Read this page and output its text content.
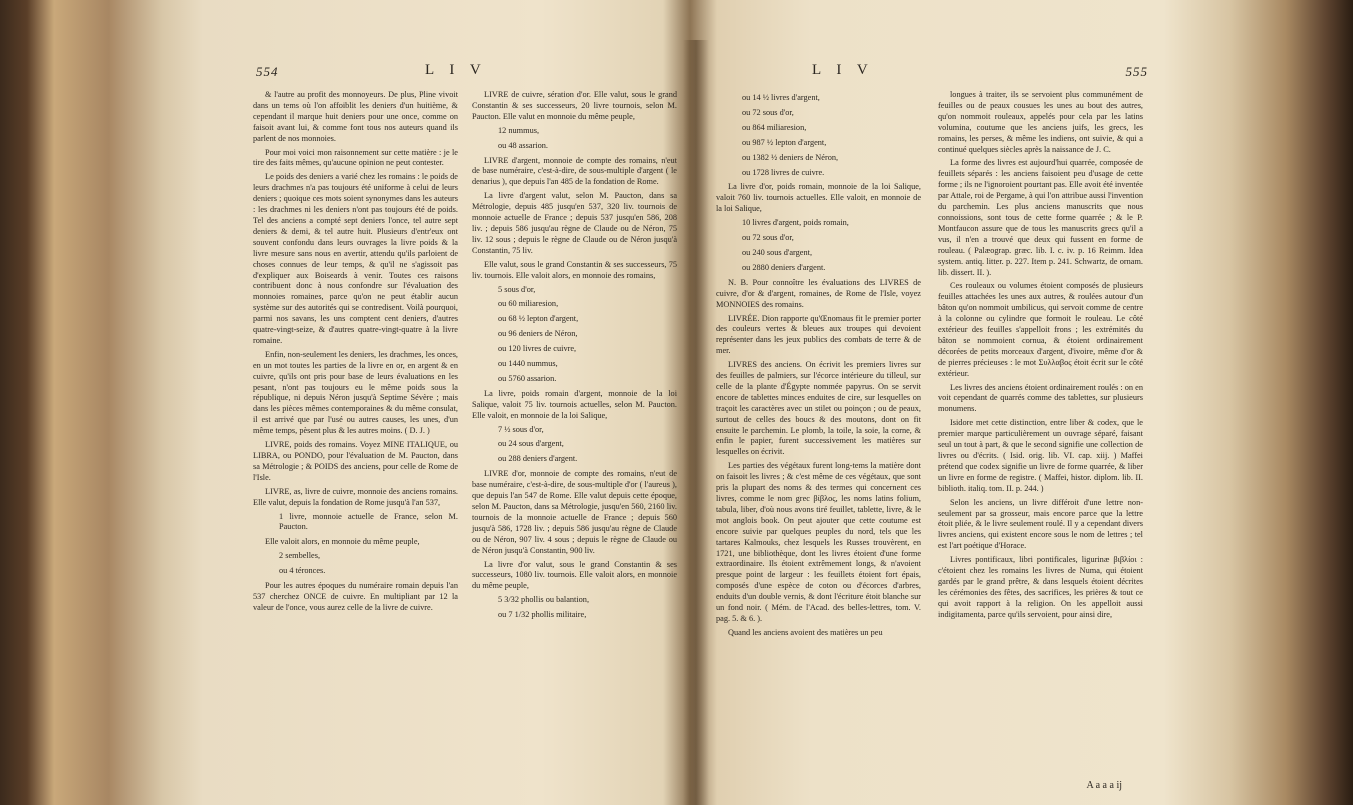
554	L I V

& l'autre au profit des monnoyeurs. De plus, Pline vivoit dans un tems où l'on affoiblit les deniers d'un huitième, & cependant il marque huit deniers pour une once, comme on faisoit avant lui, & comme font tous nos auteurs quand ils parlent de nos monnoies.

Pour moi voici mon raisonnement sur cette matière : je le tire des faits mêmes, qu'aucune opinion ne peut contester.

Le poids des deniers a varié chez les romains : le poids de leurs drachmes n'a pas toujours été uniforme à celui de leurs deniers ; quoique ces mots soient synonymes dans les auteurs : les drachmes ni les deniers n'ont pas toujours été de poids. Tel des anciens a compté sept deniers l'once, tel autre sept deniers & demi, & tel autre huit. Plusieurs d'entr'eux ont souvent confondu dans leurs ouvrages la livre poids & la livre mesure sans nous en avertir, attendu qu'ils parloient de choses connues de leur temps, & qu'il ne s'agissoit pas d'expliquer aux Boiseards à venir. Toutes ces raisons contribuent donc à nous confondre sur l'évaluation des monnoies romaines, parce qu'on ne peut établir aucun système sur des autorités qui se contredisent. Voilà pourquoi, parmi nos savans, les uns comptent cent deniers, d'autres quatre-vingt-seize, & d'autres quatre-vingt-quatre à la livre romaine.

Enfin, non-seulement les deniers, les drachmes, les onces, en un mot toutes les parties de la livre en or, en argent & en cuivre, qu'ils ont pris pour base de leurs évaluations en les pesant, n'ont pas toujours eu le même poids sous la république, ni depuis Néron jusqu'à Septime Sévère ; mais dans les pièces mêmes contemporaines & du même consulat, il est arrivé que par l'usé ou autres causes, les unes, d'un même temps, pèsent plus & les autres moins. ( D. J. )

LIVRE, poids des romains. Voyez MINE ITALIQUE, ou LIBRA, ou PONDO, pour l'évaluation de M. Paucton, dans sa Métrologie ; & POIDS des anciens, pour celle de Rome de l'Isle.

LIVRE, as, livre de cuivre, monnoie des anciens romains. Elle valut, depuis la fondation de Rome jusqu'à l'an 537,

1 livre, monnoie actuelle de France, selon M. Paucton.

Elle valoit alors, en monnoie du même peuple,

2 sembelles,

ou 4 téronces.

Pour les autres époques du numéraire romain depuis l'an 537 cherchez ONCE de cuivre. En multipliant par 12 la valeur de l'once, vous aurez celle de la livre de cuivre.

LIVRE de cuivre, sération d'or. Elle valut, sous le grand Constantin & ses successeurs, 20 livre tournois, selon M. Paucton. Elle valut en monnoie du même peuple,

12 nummus,

ou 48 assarion.

LIVRE d'argent, monnoie de compte des romains, n'eut de base numéraire, c'est-à-dire, de sous-multiple d'argent ( le denarius ), que depuis l'an 485 de la fondation de Rome.

La livre d'argent valut, selon M. Paucton, dans sa Métrologie, depuis 485 jusqu'en 537, 320 liv. tournois de monnoie actuelle de France ; depuis 537 jusqu'en 586, 208 liv. ; depuis 586 jusqu'au règne de Claude ou de Néron, 75 liv. 12 sous ; depuis le règne de Claude ou de Néron jusqu'à Constantin, 75 liv.

Elle valut, sous le grand Constantin & ses successeurs, 75 liv. tournois. Elle valoit alors, en monnoie des romains,

5 sous d'or,

ou 60 miliaresion,

ou 68 ½ lepton d'argent,

ou 96 deniers de Néron,

ou 120 livres de cuivre,

ou 1440 nummus,

ou 5760 assarion.

La livre, poids romain d'argent, monnoie de la loi Salique, valoit 75 liv. tournois actuelles, selon M. Paucton. Elle valoit, en monnoie de la loi Salique,

7 ½ sous d'or,

ou 24 sous d'argent,

ou 288 deniers d'argent.

LIVRE d'or, monnoie de compte des romains, n'eut de base numéraire, c'est-à-dire, de sous-multiple d'or ( l'aureus ), que depuis l'an 547 de Rome. Elle valut depuis cette époque, selon M. Paucton, dans sa Métrologie, jusqu'en 560, 2160 liv. tournois de la monnoie actuelle de France ; depuis 560 jusqu'à 586, 1728 liv. ; depuis 586 jusqu'au règne de Claude ou de Néron, 907 liv. 4 sous ; depuis le règne de Claude ou de Néron jusqu'à Constantin, 900 liv.

La livre d'or valut, sous le grand Constantin & ses successeurs, 1080 liv. tournois. Elle valoit alors, en monnoie du même peuple,

5 3/32 phollis ou balantion,

ou 7 1/32 phollis militaire,

L I V	555

ou 14 ½ livres d'argent,

ou 72 sous d'or,

ou 864 miliaresion,

ou 987 ½ lepton d'argent,

ou 1382 ½ deniers de Néron,

ou 1728 livres de cuivre.

La livre d'or, poids romain, monnoie de la loi Salique, valoit 760 liv. tournois actuelles. Elle valoit, en monnoie de la loi Salique,

10 livres d'argent, poids romain,

ou 72 sous d'or,

ou 240 sous d'argent,

ou 2880 deniers d'argent.

N. B. Pour connoître les évaluations des LIVRES de cuivre, d'or & d'argent, romaines, de Rome de l'Isle, voyez MONNOIES des romains.

LIVRÉE. Dion rapporte qu'Œnomaus fit le premier porter des couleurs vertes & bleues aux troupes qui devoient représenter dans les jeux publics des combats de terre & de mer.

LIVRES des anciens. On écrivit les premiers livres sur des feuilles de palmiers, sur l'écorce intérieure du tilleul, sur celle de la plante d'Égypte nommée papyrus. On se servit encore de tablettes minces enduites de cire, sur lesquelles on traçoit les caractères avec un stilet ou poinçon ; ou de peaux, surtout de celles des boucs & des moutons, dont on fit ensuite le parchemin. Le plomb, la toile, la soie, la corne, & enfin le papier, furent successivement les matières sur lesquelles on écrivit.

Les parties des végétaux furent long-tems la matière dont on faisoit les livres ; & c'est même de ces végétaux, que sont pris la plupart des noms & des termes qui concernent ces livres, comme le nom grec βίβλος, les noms latins folium, tabula, liber, d'où nous avons tiré feuillet, tablette, livre, & le mot anglois book. On peut ajouter que cette coutume est encore suivie par quelques peuples du nord, tels que les tartares Kalmouks, chez lesquels les Russes trouvèrent, en 1721, une bibliothèque, dont les livres étoient d'une forme extraordinaire. Ils étoient extrêmement longs, & n'avoient presque point de largeur : les feuillets étoient fort épais, composés d'une espèce de coton ou d'écorces d'arbres, enduits d'un double vernis, & dont l'écriture étoit blanche sur un fond noir. ( Mém. de l'Acad. des belles-lettres, tom. V. pag. 5. & 6. ).

Quand les anciens avoient des matières un peu

longues à traiter, ils se servoient plus communément de feuilles ou de peaux cousues les unes au bout des autres, qu'on nommoit rouleaux, appelés pour cela par les latins volumina, coutume que les anciens juifs, les grecs, les romains, les perses, & même les indiens, ont suivie, & qui a continué quelques siècles après la naissance de J. C.

La forme des livres est aujourd'hui quarrée, composée de feuillets séparés : les anciens faisoient peu d'usage de cette forme ; ils ne l'ignoroient pourtant pas. Elle avoit été inventée par Attale, roi de Pergame, à qui l'on attribue aussi l'invention du parchemin. Les plus anciens manuscrits que nous connoissions, sont tous de cette forme quarrée ; & le P. Montfaucon assure que de tous les manuscrits grecs qu'il a vus, il n'en a trouvé que deux qui fussent en forme de rouleau. ( Palæograp. græc. lib. I. c. iv. p. 16 Reimm. Idea system. antiq. litter. p. 227. Item p. 241. Schwartz, de ornam. lib. dissert. II. ).

Ces rouleaux ou volumes étoient composés de plusieurs feuilles attachées les unes aux autres, & roulées autour d'un bâton qu'on nommoit umbilicus, qui servoit comme de centre à la colonne ou cylindre que formoit le rouleau. Le côté extérieur des feuilles s'appelloit frons ; les extrémités du bâton se nommoient cornua, & étoient ordinairement décorées de petits morceaux d'argent, d'ivoire, même d'or & de pierres précieuses : le mot Συλλαβος étoit écrit sur le côté extérieur.

Les livres des anciens étoient ordinairement roulés : on en voit cependant de quarrés comme des tablettes, sur plusieurs monumens.

Isidore met cette distinction, entre liber & codex, que le premier marque particulièrement un ouvrage séparé, faisant seul un tout à part, & que le second signifie une collection de livres ou d'écrits. ( Isid. orig. lib. VI. cap. xiij. ) Maffei prétend que codex signifie un livre de forme quarrée, & liber un livre en forme de registre. ( Maffei, histor. diplom. lib. II. biblioth. italiq. tom. II. p. 244. )

Selon les anciens, un livre différoit d'une lettre non-seulement par sa grosseur, mais encore parce que la lettre étoit pliée, & le livre seulement roulé. Il y a cependant divers livres anciens, qui existent encore sous le nom de lettres ; tel est l'art poétique d'Horace.

Livres pontificaux, libri pontificales, ligurinæ βιβλίοι : c'étoient chez les romains les livres de Numa, qui étoient gardés par le grand prêtre, & dans lesquels étoient décrites les cérémonies des fêtes, des sacrifices, les prières & tout ce qui avoit rapport à la religion. On les appelloit aussi indigitamenta, parce qu'ils servoient, pour ainsi dire,

A a a a ij
